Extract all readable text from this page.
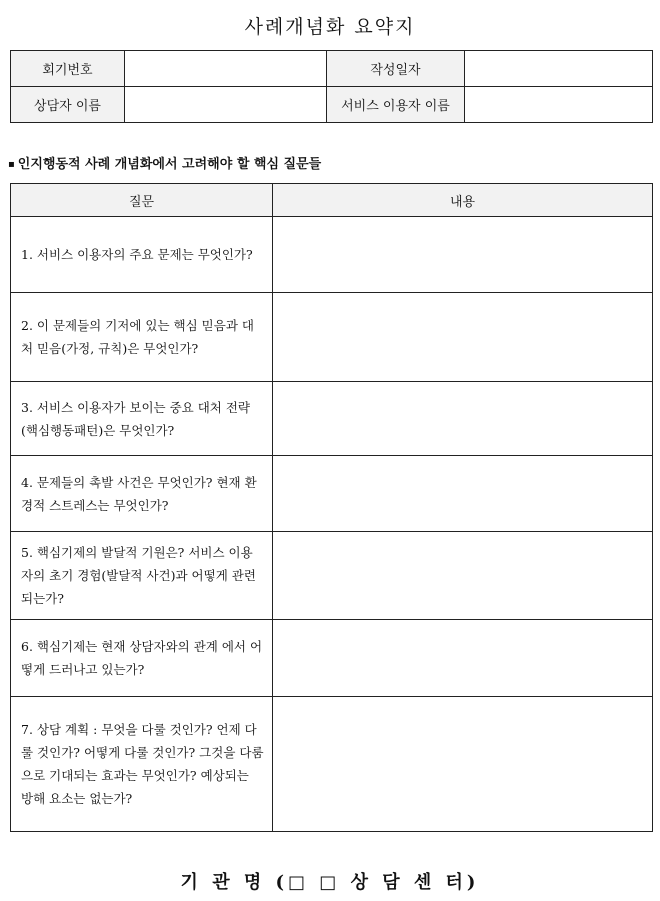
사례개념화 요약지
회기번호		작성일자	
상담자 이름		서비스 이용자 이름	
▪ 인지행동적 사례 개념화에서 고려해야 할 핵심 질문들
질문	내용
1. 서비스 이용자의 주요 문제는 무엇인가?	
2. 이 문제들의 기저에 있는 핵심 믿음과 대처 믿음(가정, 규칙)은 무엇인가?	
3. 서비스 이용자가 보이는 중요 대처 전략(핵심행동패턴)은 무엇인가?	
4. 문제들의 촉발 사건은 무엇인가? 현재 환경적 스트레스는 무엇인가?	
5. 핵심기제의 발달적 기원은? 서비스 이용자의 초기 경험(발달적 사건)과 어떻게 관련되는가?	
6. 핵심기제는 현재 상담자와의 관계 에서 어떻게 드러나고 있는가?	
7. 상담 계획 : 무엇을 다룰 것인가? 언제 다룰 것인가? 어떻게 다룰 것인가? 그것을 다룸으로 기대되는 효과는 무엇인가? 예상되는 방해 요소는 없는가?	
기 관 명 (□ □ 상 담 센 터)
